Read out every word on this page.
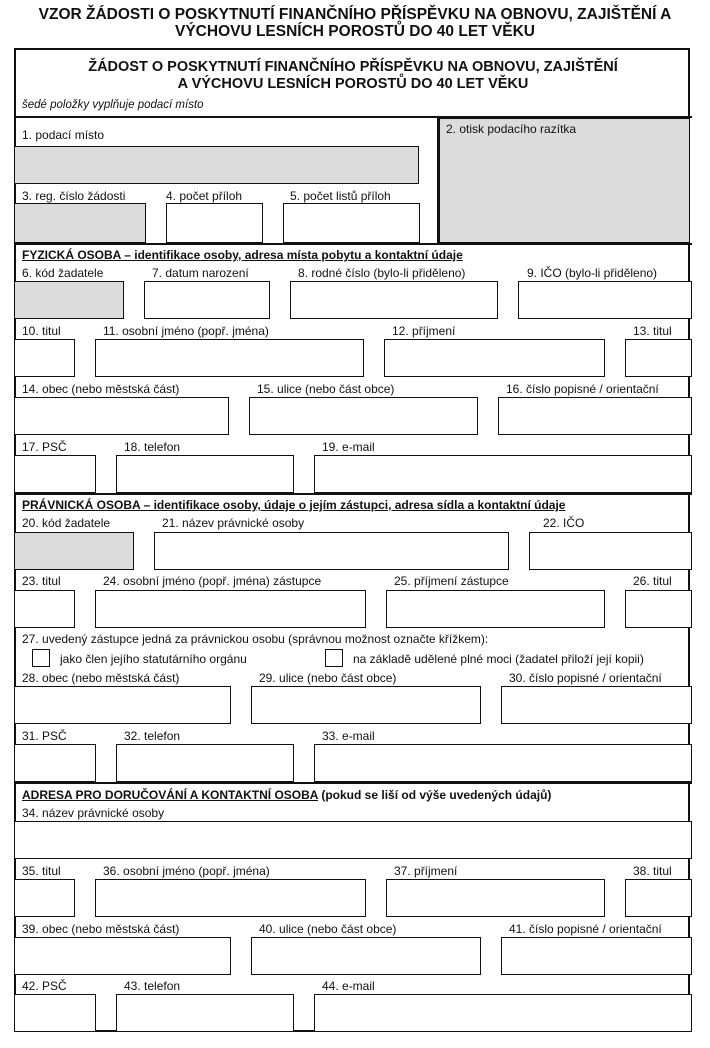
VZOR ŽÁDOSTI O POSKYTNUTÍ FINANČNÍHO PŘÍSPĚVKU NA OBNOVU, ZAJIŠTĚNÍ A
VÝCHOVU LESNÍCH POROSTŮ DO 40 LET VĚKU
ŽÁDOST O POSKYTNUTÍ FINANČNÍHO PŘÍSPĚVKU NA OBNOVU, ZAJIŠTĚNÍ
A VÝCHOVU LESNÍCH POROSTŮ DO 40 LET VĚKU
šedé položky vyplňuje podací místo
2. otisk podacího razítka
1. podací místo
3. reg. číslo žádosti	4. počet příloh	5. počet listů příloh
FYZICKÁ OSOBA – identifikace osoby, adresa místa pobytu a kontaktní údaje
6. kód žadatele	7. datum narození	8. rodné číslo (bylo-li přiděleno)	9. IČO (bylo-li přiděleno)
10. titul	11. osobní jméno (popř. jména)	12. příjmení	13. titul
14. obec (nebo městská část)	15. ulice (nebo část obce)	16. číslo popisné / orientační
17. PSČ	18. telefon	19. e-mail
PRÁVNICKÁ OSOBA – identifikace osoby, údaje o jejím zástupci, adresa sídla a kontaktní údaje
20. kód žadatele	21. název právnické osoby	22. IČO
23. titul	24. osobní jméno (popř. jména) zástupce	25. příjmení zástupce	26. titul
27. uvedený zástupce jedná za právnickou osobu (správnou možnost označte křížkem):
jako člen jejího statutárního orgánu	na základě udělené plné moci (žadatel přiloží její kopii)
28. obec (nebo městská část)	29. ulice (nebo část obce)	30. číslo popisné / orientační
31. PSČ	32. telefon	33. e-mail
ADRESA PRO DORUČOVÁNÍ A KONTAKTNÍ OSOBA (pokud se liší od výše uvedených údajů)
34. název právnické osoby
35. titul	36. osobní jméno (popř. jména)	37. příjmení	38. titul
39. obec (nebo městská část)	40. ulice (nebo část obce)	41. číslo popisné / orientační
42. PSČ	43. telefon	44. e-mail
